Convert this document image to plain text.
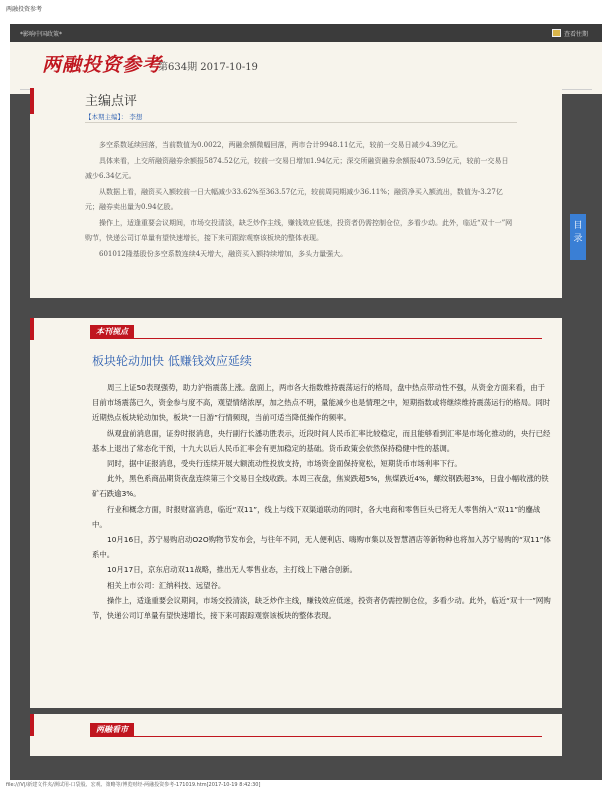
两融投资参考
*影响中国政策*	查看往期
两融投资参考
第634期 2017-10-19
主编点评
【本期主编】： 李想

多空系数延续回落，当前数值为0.0022，两融余额微幅回落，两市合计9948.11亿元，较前一交易日减少4.39亿元。

具体来看，上交所融资融券余额报5874.52亿元，较前一交易日增加1.94亿元；深交所融资融券余额报4073.59亿元，较前一交易日减少6.34亿元。

从数据上看，融资买入额较前一日大幅减少33.62%至363.57亿元，较前周同期减少36.11%；融资净买入额流出，数值为-3.27亿元；融券卖出量为0.94亿股。

操作上，适逢重要会议期间，市场交投清淡，缺乏炒作主线，赚钱效应低迷，投资者仍需控制仓位，多看少动。此外，临近“双十一”网购节，快递公司订单量有望快速增长，接下来可跟踪观察该板块的整体表现。

601012隆基股份多空系数连续4天增大，融资买入额持续增加，多头力量强大。

本刊视点
板块轮动加快 低赚钱效应延续

周三上证50表现强势，助力沪指震荡上涨。盘面上，两市各大指数维持震荡运行的格局，盘中热点带动性不强，从资金方面来看，由于目前市场震荡已久，资金参与度不高，观望情绪浓厚，加之热点不明，量能减少也是情理之中，短期指数或将继续维持震荡运行的格局。同时近期热点板块轮动加快，板块“一日游”行情频现，当前可适当降低操作的频率。

纵观盘前消息面，证券时报消息，央行副行长潘功胜表示，近段时间人民币汇率比较稳定，而且能够看到汇率是市场化推动的，央行已经基本上退出了常态化干预，十九大以后人民币汇率会有更加稳定的基础。货币政策会依然保持稳健中性的基调。

同时，据中证报消息，受央行连续开展大额流动性投放支持，市场资金面保持宽松，短期货币市场利率下行。

此外，黑色系商品期货夜盘连续第三个交易日全线收跌。本周三夜盘，焦炭跌超5%，焦煤跌近4%，螺纹钢跌超3%，日盘小幅收涨的铁矿石跌逾3%。

行业和概念方面，时报财富消息，临近“双11”，线上与线下双渠道联动的同时，各大电商和零售巨头已将无人零售纳入“双11”的鏖战中。

10月16日，苏宁易购启动O2O购物节发布会，与往年不同，无人便利店、嗨购市集以及智慧酒店等新物种也将加入苏宁易购的“双11”体系中。

10月17日，京东启动双11战略，推出无人零售业态，主打线上下融合创新。

相关上市公司：汇纳科技、远望谷。

操作上，适逢重要会议期间，市场交投清淡，缺乏炒作主线，赚钱效应低迷，投资者仍需控制仓位，多看少动。此外，临近“双十一”网购节，快递公司订单量有望快速增长，接下来可跟踪观察该板块的整体表现。

两融看市
目录
file:///V|/新建文件夹/测试用-口袋股、宏观、策略等/博览财经-两融投资参考-171019.htm[2017-10-19 8:42:30]
